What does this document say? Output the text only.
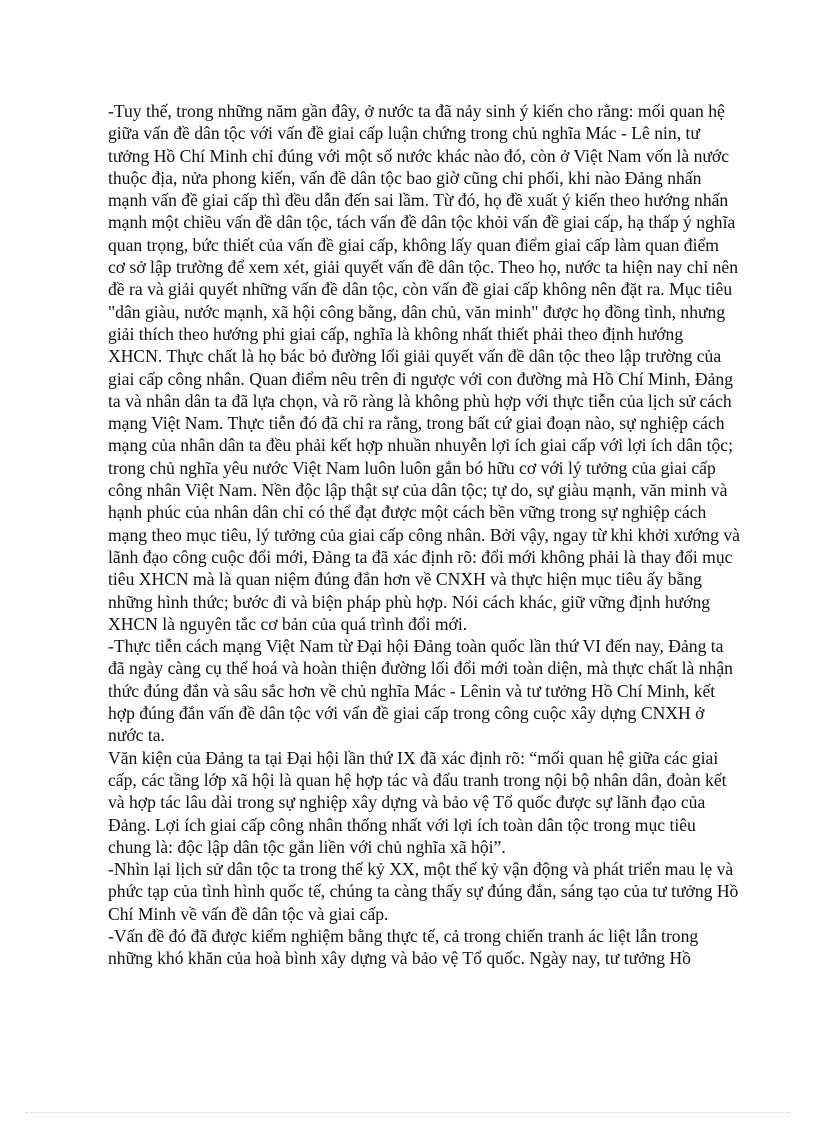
-Tuy thế, trong những năm gần đây, ở nước ta đã nảy sinh ý kiến cho rằng: mối quan hệ giữa vấn đề dân tộc với vấn đề giai cấp luận chứng trong chủ nghĩa Mác - Lê nin, tư tưởng Hồ Chí Minh chỉ đúng với một số nước khác nào đó, còn ở Việt Nam vốn là nước thuộc địa, nửa phong kiến, vấn đề dân tộc bao giờ cũng chi phối, khi nào Đảng nhấn mạnh vấn đề giai cấp thì đều dẫn đến sai lầm. Từ đó, họ đề xuất ý kiến theo hướng nhấn mạnh một chiều vấn đề dân tộc, tách vấn đề dân tộc khỏi vấn đề giai cấp, hạ thấp ý nghĩa quan trọng, bức thiết của vấn đề giai cấp, không lấy quan điểm giai cấp làm quan điểm cơ sở lập trường để xem xét, giải quyết vấn đề dân tộc. Theo họ, nước ta hiện nay chỉ nên đề ra và giải quyết những vấn đề dân tộc, còn vấn đề giai cấp không nên đặt ra. Mục tiêu "dân giàu, nước mạnh, xã hội công bằng, dân chủ, văn minh" được họ đồng tình, nhưng giải thích theo hướng phi giai cấp, nghĩa là không nhất thiết phải theo định hướng XHCN. Thực chất là họ bác bỏ đường lối giải quyết vấn đề dân tộc theo lập trường của giai cấp công nhân. Quan điểm nêu trên đi ngược với con đường mà Hồ Chí Minh, Đảng ta và nhân dân ta đã lựa chọn, và rõ ràng là không phù hợp với thực tiễn của lịch sử cách mạng Việt Nam. Thực tiễn đó đã chỉ ra rằng, trong bất cứ giai đoạn nào, sự nghiệp cách mạng của nhân dân ta đều phải kết hợp nhuần nhuyễn lợi ích giai cấp với lợi ích dân tộc; trong chủ nghĩa yêu nước Việt Nam luôn luôn gắn bó hữu cơ với lý tưởng của giai cấp công nhân Việt Nam. Nền độc lập thật sự của dân tộc; tự do, sự giàu mạnh, văn minh và hạnh phúc của nhân dân chỉ có thể đạt được một cách bền vững trong sự nghiệp cách mạng theo mục tiêu, lý tưởng của giai cấp công nhân. Bởi vậy, ngay từ khi khởi xướng và lãnh đạo công cuộc đổi mới, Đảng ta đã xác định rõ: đổi mới không phải là thay đổi mục tiêu XHCN mà là quan niệm đúng đắn hơn về CNXH và thực hiện mục tiêu ấy bằng những hình thức; bước đi và biện pháp phù hợp. Nói cách khác, giữ vững định hướng XHCN là nguyên tắc cơ bản của quá trình đổi mới.

-Thực tiễn cách mạng Việt Nam từ Đại hội Đảng toàn quốc lần thứ VI đến nay, Đảng ta đã ngày càng cụ thể hoá và hoàn thiện đường lối đổi mới toàn diện, mà thực chất là nhận thức đúng đắn và sâu sắc hơn về chủ nghĩa Mác - Lênin và tư tưởng Hồ Chí Minh, kết hợp đúng đắn vấn đề dân tộc với vấn đề giai cấp trong công cuộc xây dựng CNXH ở nước ta.

Văn kiện của Đảng ta tại Đại hội lần thứ IX đã xác định rõ: “mối quan hệ giữa các giai cấp, các tầng lớp xã hội là quan hệ hợp tác và đấu tranh trong nội bộ nhân dân, đoàn kết và hợp tác lâu dài trong sự nghiệp xây dựng và bảo vệ Tổ quốc được sự lãnh đạo của Đảng. Lợi ích giai cấp công nhân thống nhất với lợi ích toàn dân tộc trong mục tiêu chung là: độc lập dân tộc gắn liền với chủ nghĩa xã hội”.

-Nhìn lại lịch sử dân tộc ta trong thế kỷ XX, một thế kỷ vận động và phát triển mau lẹ và phức tạp của tình hình quốc tế, chúng ta càng thấy sự đúng đắn, sáng tạo của tư tưởng Hồ Chí Minh về vấn đề dân tộc và giai cấp.

-Vấn đề đó đã được kiểm nghiệm bằng thực tế, cả trong chiến tranh ác liệt lẫn trong những khó khăn của hoà bình xây dựng và bảo vệ Tổ quốc. Ngày nay, tư tưởng Hồ
